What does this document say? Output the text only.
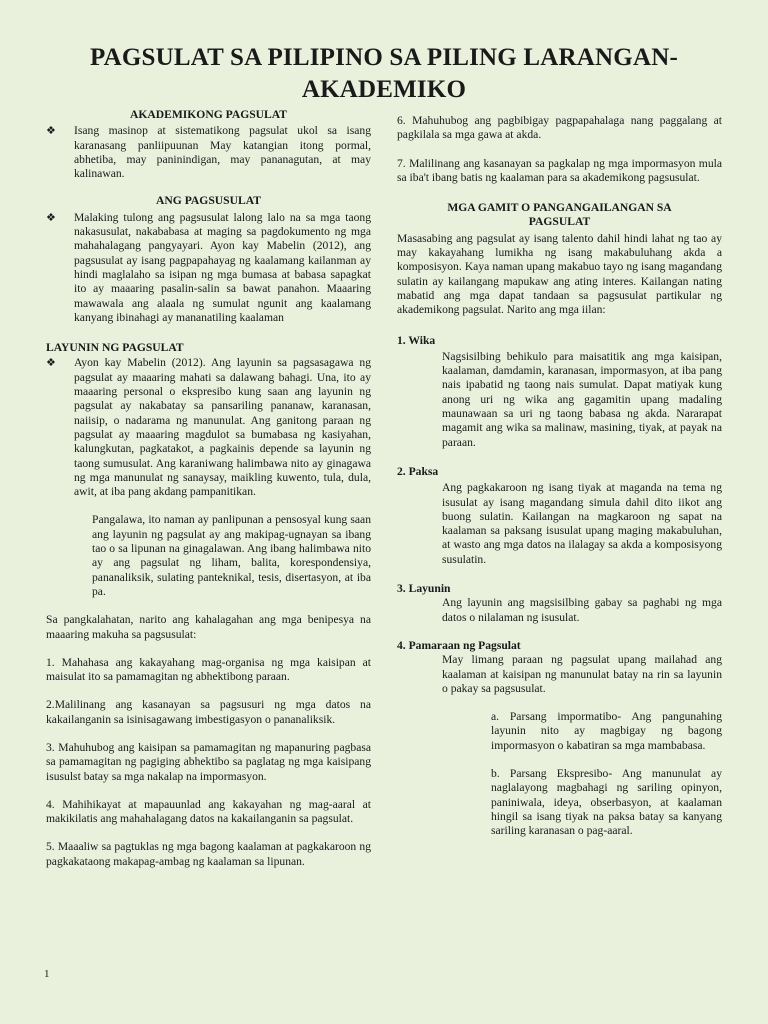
PAGSULAT SA PILIPINO SA PILING LARANGAN-AKADEMIKO

AKADEMIKONG PAGSULAT

❖ Isang masinop at sistematikong pagsulat ukol sa isang karanasang panliipuunan May katangian itong pormal, abhetiba, may paninindigan, may pananagutan, at may kalinawan.

ANG PAGSUSULAT

❖ Malaking tulong ang pagsusulat lalong lalo na sa mga taong nakasusulat, nakababasa at maging sa pagdokumento ng mga mahahalagang pangyayari. Ayon kay Mabelin (2012), ang pagsusulat ay isang pagpapahayag ng kaalamang kailanman ay hindi maglalaho sa isipan ng mga bumasa at babasa sapagkat ito ay maaaring pasalin-salin sa bawat panahon. Maaaring mawawala ang alaala ng sumulat ngunit ang kaalamang kanyang ibinahagi ay mananatiling kaalaman

LAYUNIN NG PAGSULAT

❖ Ayon kay Mabelin (2012). Ang layunin sa pagsasagawa ng pagsulat ay maaaring mahati sa dalawang bahagi. Una, ito ay maaaring personal o ekspresibo kung saan ang layunin ng pagsulat ay nakabatay sa pansariling pananaw, karanasan, naiisip, o nadarama ng manunulat. Ang ganitong paraan ng pagsulat ay maaaring magdulot sa bumabasa ng kasiyahan, kalungkutan, pagkatakot, a pagkainis depende sa layunin ng taong sumusulat. Ang karaniwang halimbawa nito ay ginagawa ng mga manunulat ng sanaysay, maikling kuwento, tula, dula, awit, at iba pang akdang pampanitikan.

Pangalawa, ito naman ay panlipunan a pensosyal kung saan ang layunin ng pagsulat ay ang makipag-ugnayan sa ibang tao o sa lipunan na ginagalawan. Ang ibang halimbawa nito ay ang pagsulat ng liham, balita, korespondensiya, pananaliksik, sulating panteknikal, tesis, disertasyon, at iba pa.

Sa pangkalahatan, narito ang kahalagahan ang mga benipesya na maaaring makuha sa pagsusulat:

1. Mahahasa ang kakayahang mag-organisa ng mga kaisipan at maisulat ito sa pamamagitan ng abhektibong paraan.

2.Malilinang ang kasanayan sa pagsusuri ng mga datos na kakailanganin sa isinisagawang imbestigasyon o pananaliksik.

3. Mahuhubog ang kaisipan sa pamamagitan ng mapanuring pagbasa sa pamamagitan ng pagiging abhektibo sa paglatag ng mga kaisipang isusulst batay sa mga nakalap na impormasyon.

4. Mahihikayat at mapauunlad ang kakayahan ng mag-aaral at makikilatis ang mahahalagang datos na kakailanganin sa pagsulat.

5. Maaaliw sa pagtuklas ng mga bagong kaalaman at pagkakaroon ng pagkakataong makapag-ambag ng kaalaman sa lipunan.

6. Mahuhubog ang pagbibigay pagpapahalaga nang paggalang at pagkilala sa mga gawa at akda.

7. Malilinang ang kasanayan sa pagkalap ng mga impormasyon mula sa iba't ibang batis ng kaalaman para sa akademikong pagsusulat.

MGA GAMIT O PANGANGAILANGAN SA PAGSULAT

Masasabing ang pagsulat ay isang talento dahil hindi lahat ng tao ay may kakayahang lumikha ng isang makabuluhang akda a komposisyon. Kaya naman upang makabuo tayo ng isang magandang sulatin ay kailangang mapukaw ang ating interes. Kailangan nating mabatid ang mga dapat tandaan sa pagsusulat partikular ng akademikong pagsulat. Narito ang mga iilan:

1. Wika

Nagsisilbing behikulo para maisatitik ang mga kaisipan, kaalaman, damdamin, karanasan, impormasyon, at iba pang nais ipabatid ng taong nais sumulat. Dapat matiyak kung anong uri ng wika ang gagamitin upang madaling maunawaan sa uri ng taong babasa ng akda. Nararapat magamit ang wika sa malinaw, masining, tiyak, at payak na paraan.

2. Paksa

Ang pagkakaroon ng isang tiyak at maganda na tema ng isusulat ay isang magandang simula dahil dito iikot ang buong sulatin. Kailangan na magkaroon ng sapat na kaalaman sa paksang isusulat upang maging makabuluhan, at wasto ang mga datos na ilalagay sa akda a komposisyong susulatin.

3. Layunin

Ang layunin ang magsisilbing gabay sa paghabi ng mga datos o nilalaman ng isusulat.

4. Pamaraan ng Pagsulat

May limang paraan ng pagsulat upang mailahad ang kaalaman at kaisipan ng manunulat batay na rin sa layunin o pakay sa pagsusulat.

a. Parsang impormatibo- Ang pangunahing layunin nito ay magbigay ng bagong impormasyon o kabatiran sa mga mambabasa.

b. Parsang Ekspresibo- Ang manunulat ay naglalayong magbahagi ng sariling opinyon, paniniwala, ideya, obserbasyon, at kaalaman hingil sa isang tiyak na paksa batay sa kanyang sariling karanasan o pag-aaral.

1
